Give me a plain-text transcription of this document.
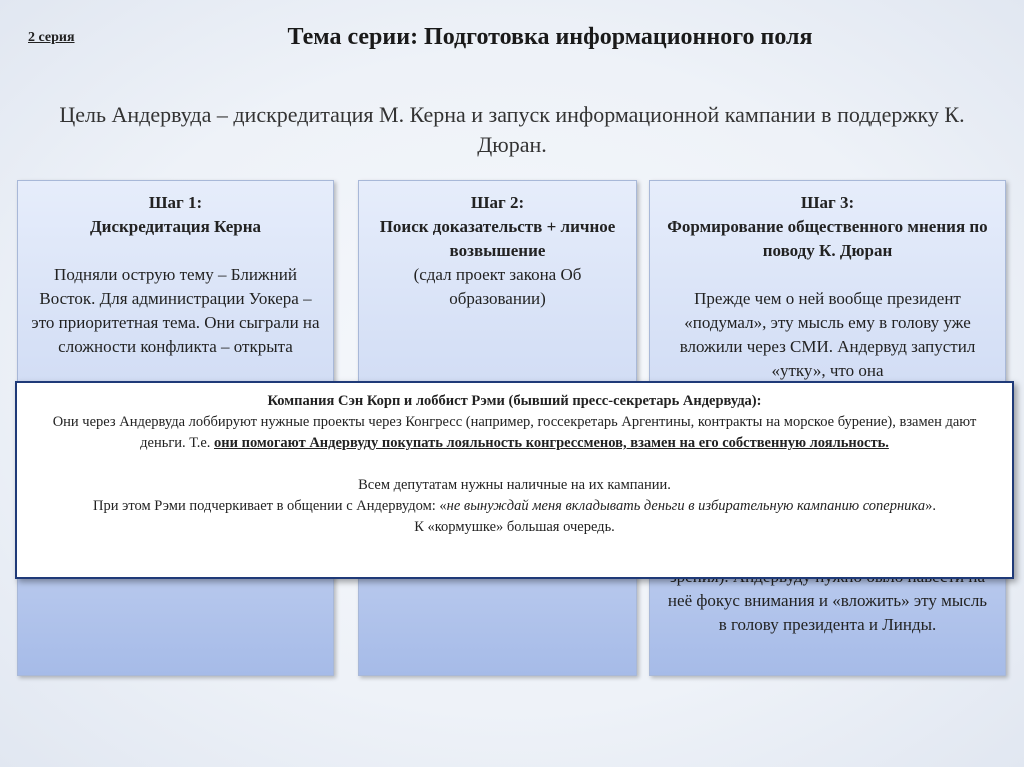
2 серия	Тема серии: Подготовка информационного поля
Цель Андервуда – дискредитация М. Керна и запуск информационной кампании в поддержку К. Дюран.
Шаг 1:
Дискредитация Керна
Подняли острую тему – Ближний Восток. Для администрации Уокера – это приоритетная тема. Они сыграли на сложности конфликта – открыта
Шаг 2:
Поиск доказательств + личное возвышение
(сдал проект закона Об образовании)
Шаг 3:
Формирование общественного мнения по поводу К. Дюран
Прежде чем о ней вообще президент «подумал», эту мысль ему в голову уже вложили через СМИ. Андервуд запустил «утку», что она
неё фокус внимания и «вложить» эту мысль в голову президента и Линды.
Компания Сэн Корп и лоббист Рэми (бывший пресс-секретарь Андервуда):
Они через Андервуда лоббируют нужные проекты через Конгресс (например, госсекретарь Аргентины, контракты на морское бурение), взамен дают деньги. Т.е. они помогают Андервуду покупать лояльность конгрессменов, взамен на его собственную лояльность.
Всем депутатам нужны наличные на их кампании.
При этом Рэми подчеркивает в общении с Андервудом: «не вынуждай меня вкладывать деньги в избирательную кампанию соперника».
К «кормушке» большая очередь.
